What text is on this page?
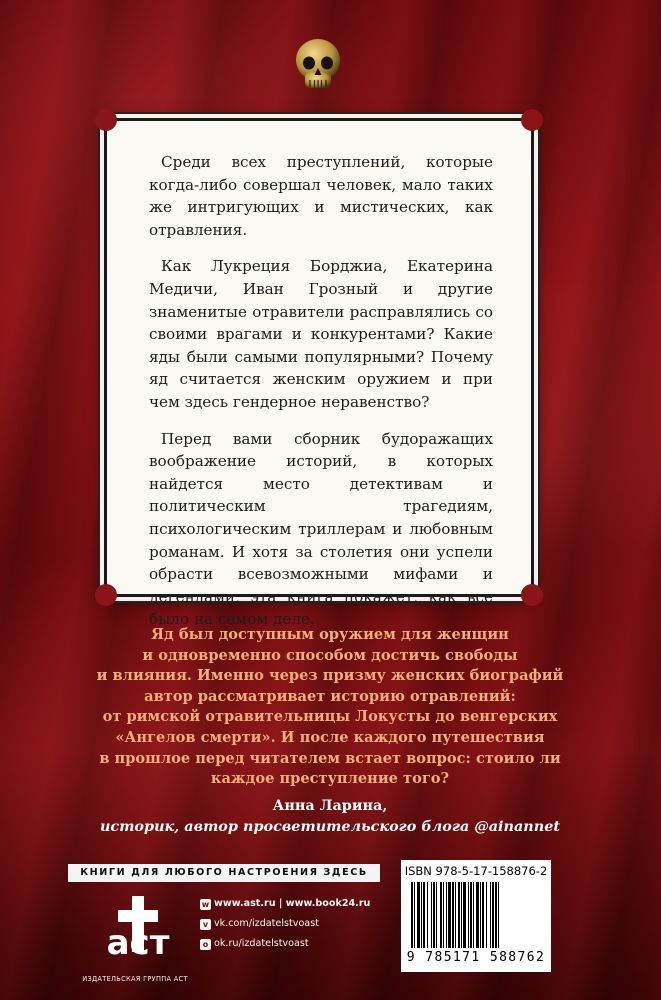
Среди всех преступлений, которые когда-либо совершал человек, мало таких же интригующих и мистических, как отравления.

Как Лукреция Борджиа, Екатерина Медичи, Иван Грозный и другие знаменитые отравители расправлялись со своими врагами и конкурентами? Какие яды были самыми популярными? Почему яд считается женским оружием и при чем здесь гендерное неравенство?

Перед вами сборник будоражащих воображение историй, в которых найдется место детективам и политическим трагедиям, психологическим триллерам и любовным романам. И хотя за столетия они успели обрасти всевозможными мифами и легендами, эта книга покажет, как все было на самом деле.

Яд был доступным оружием для женщин
и одновременно способом достичь свободы
и влияния. Именно через призму женских биографий
автор рассматривает историю отравлений:
от римской отравительницы Локусты до венгерских
«Ангелов смерти». И после каждого путешествия
в прошлое перед читателем встает вопрос: стоило ли
каждое преступление того?
Анна Ларина,
историк, автор просветительского блога @ainannet
КНИГИ ДЛЯ ЛЮБОГО НАСТРОЕНИЯ ЗДЕСЬ
аст
ИЗДАТЕЛЬСКАЯ ГРУППА АСТ
w www.ast.ru | www.book24.ru
v vk.com/izdatelstvoast
o ok.ru/izdatelstvoast
ISBN 978-5-17-158876-2
9 785171 588762
